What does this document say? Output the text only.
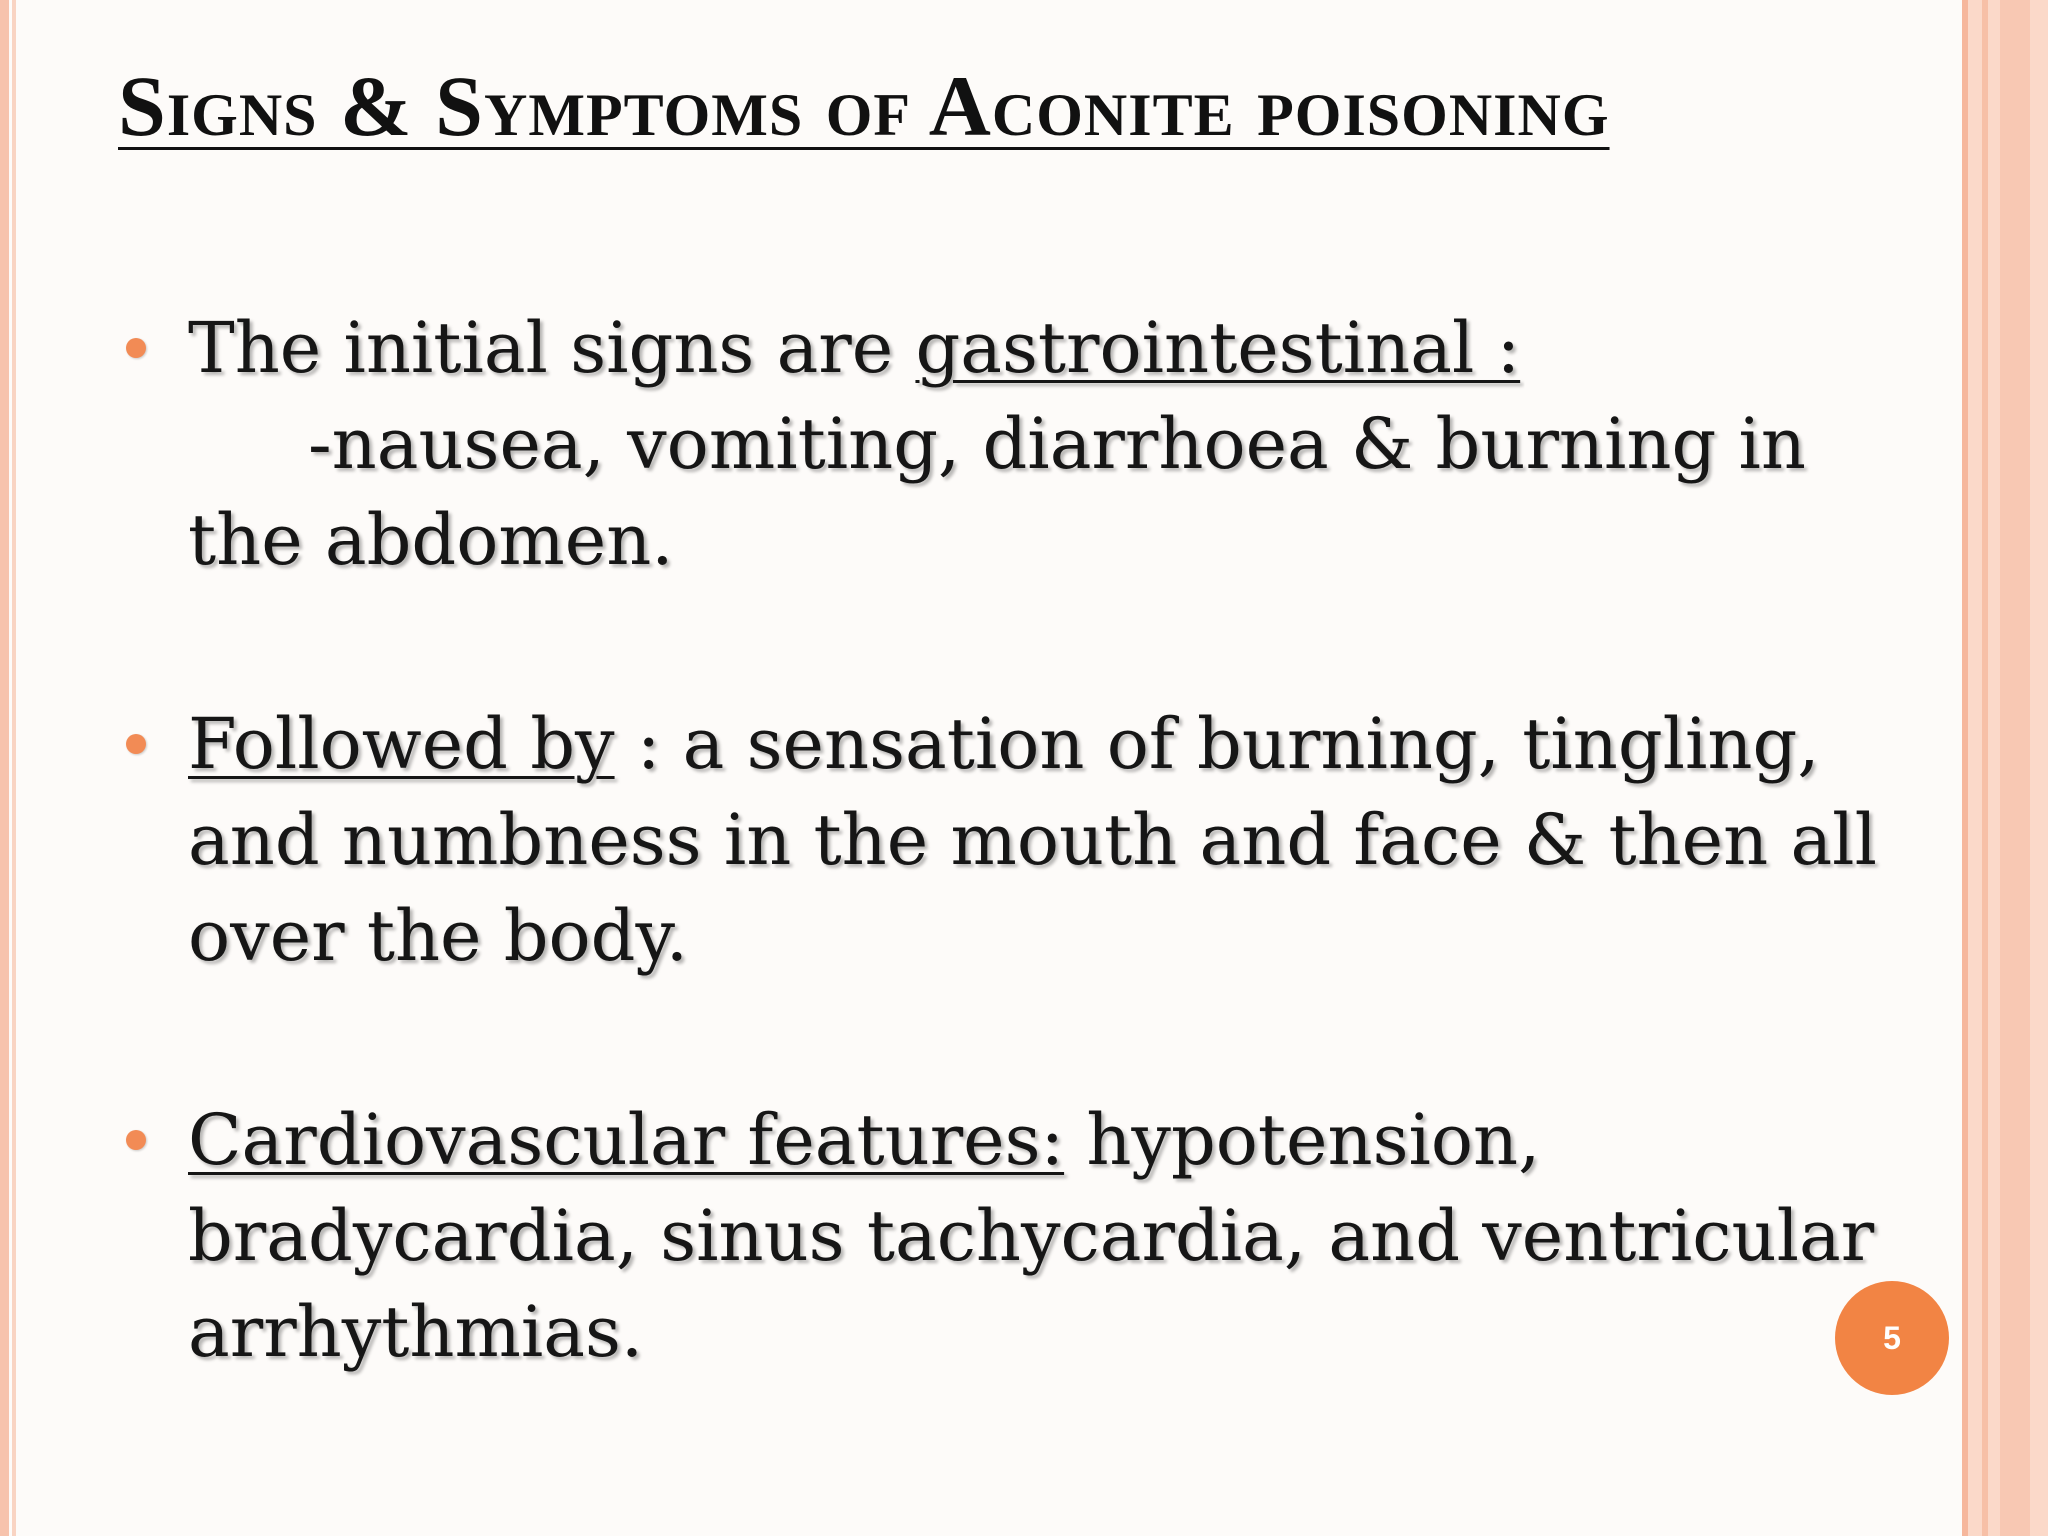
Signs & Symptoms of Aconite poisoning
The initial signs are gastrointestinal :
-nausea, vomiting, diarrhoea & burning in
the abdomen.
Followed by : a sensation of burning, tingling, and numbness in the mouth and face & then all over the body.
Cardiovascular features: hypotension, bradycardia, sinus tachycardia, and ventricular arrhythmias.	5
